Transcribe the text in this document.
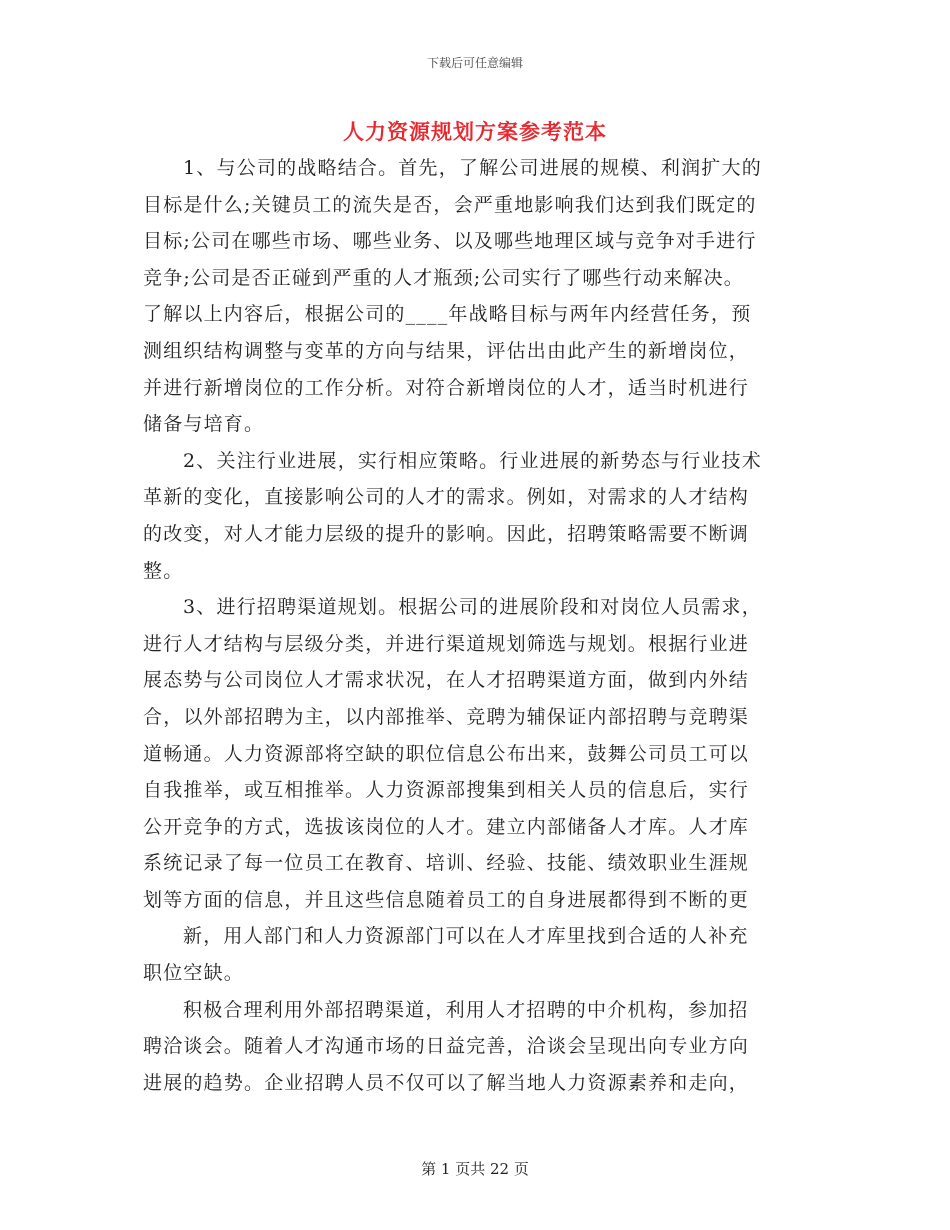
下载后可任意编辑
人力资源规划方案参考范本
1、与公司的战略结合。首先，了解公司进展的规模、利润扩大的
目标是什么;关键员工的流失是否，会严重地影响我们达到我们既定的
目标;公司在哪些市场、哪些业务、以及哪些地理区域与竞争对手进行
竞争;公司是否正碰到严重的人才瓶颈;公司实行了哪些行动来解决。
了解以上内容后，根据公司的____年战略目标与两年内经营任务，预
测组织结构调整与变革的方向与结果，评估出由此产生的新增岗位，
并进行新增岗位的工作分析。对符合新增岗位的人才，适当时机进行
储备与培育。
2、关注行业进展，实行相应策略。行业进展的新势态与行业技术
革新的变化，直接影响公司的人才的需求。例如，对需求的人才结构
的改变，对人才能力层级的提升的影响。因此，招聘策略需要不断调
整。
3、进行招聘渠道规划。根据公司的进展阶段和对岗位人员需求，
进行人才结构与层级分类，并进行渠道规划筛选与规划。根据行业进
展态势与公司岗位人才需求状况，在人才招聘渠道方面，做到内外结
合，以外部招聘为主，以内部推举、竞聘为辅保证内部招聘与竞聘渠
道畅通。人力资源部将空缺的职位信息公布出来，鼓舞公司员工可以
自我推举，或互相推举。人力资源部搜集到相关人员的信息后，实行
公开竞争的方式，选拔该岗位的人才。建立内部储备人才库。人才库
系统记录了每一位员工在教育、培训、经验、技能、绩效职业生涯规
划等方面的信息，并且这些信息随着员工的自身进展都得到不断的更
新，用人部门和人力资源部门可以在人才库里找到合适的人补充
职位空缺。
积极合理利用外部招聘渠道，利用人才招聘的中介机构，参加招
聘洽谈会。随着人才沟通市场的日益完善，洽谈会呈现出向专业方向
进展的趋势。企业招聘人员不仅可以了解当地人力资源素养和走向，
第 1 页共 22 页
